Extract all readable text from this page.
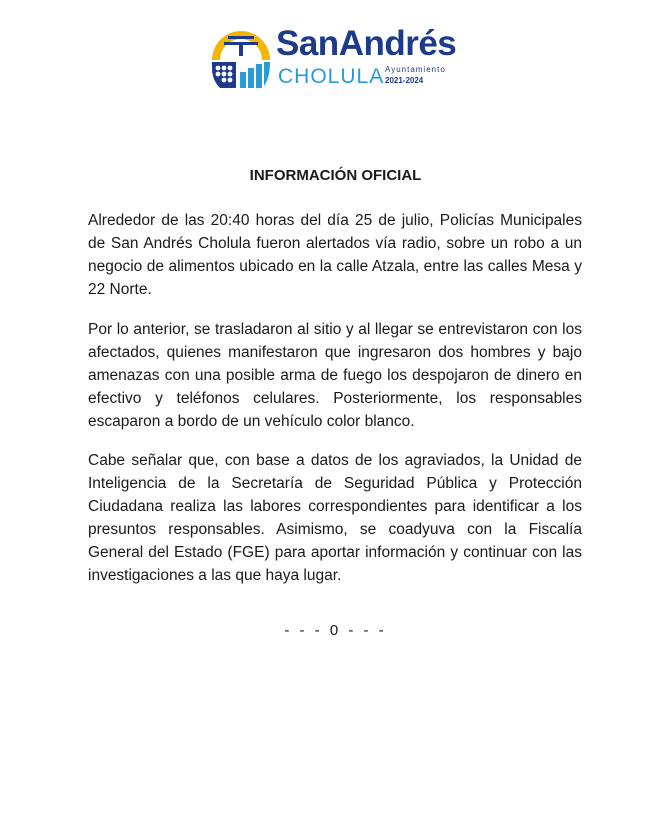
SanAndrés
CHOLULA Ayuntamiento
2021-2024
INFORMACIÓN OFICIAL

Alrededor de las 20:40 horas del día 25 de julio, Policías Municipales de San Andrés Cholula fueron alertados vía radio, sobre un robo a un negocio de alimentos ubicado en la calle Atzala, entre las calles Mesa y 22 Norte.

Por lo anterior, se trasladaron al sitio y al llegar se entrevistaron con los afectados, quienes manifestaron que ingresaron dos hombres y bajo amenazas con una posible arma de fuego los despojaron de dinero en efectivo y teléfonos celulares. Posteriormente, los responsables escaparon a bordo de un vehículo color blanco.

Cabe señalar que, con base a datos de los agraviados, la Unidad de Inteligencia de la Secretaría de Seguridad Pública y Protección Ciudadana realiza las labores correspondientes para identificar a los presuntos responsables. Asimismo, se coadyuva con la Fiscalía General del Estado (FGE) para aportar información y continuar con las investigaciones a las que haya lugar.

- - - 0 - - -
